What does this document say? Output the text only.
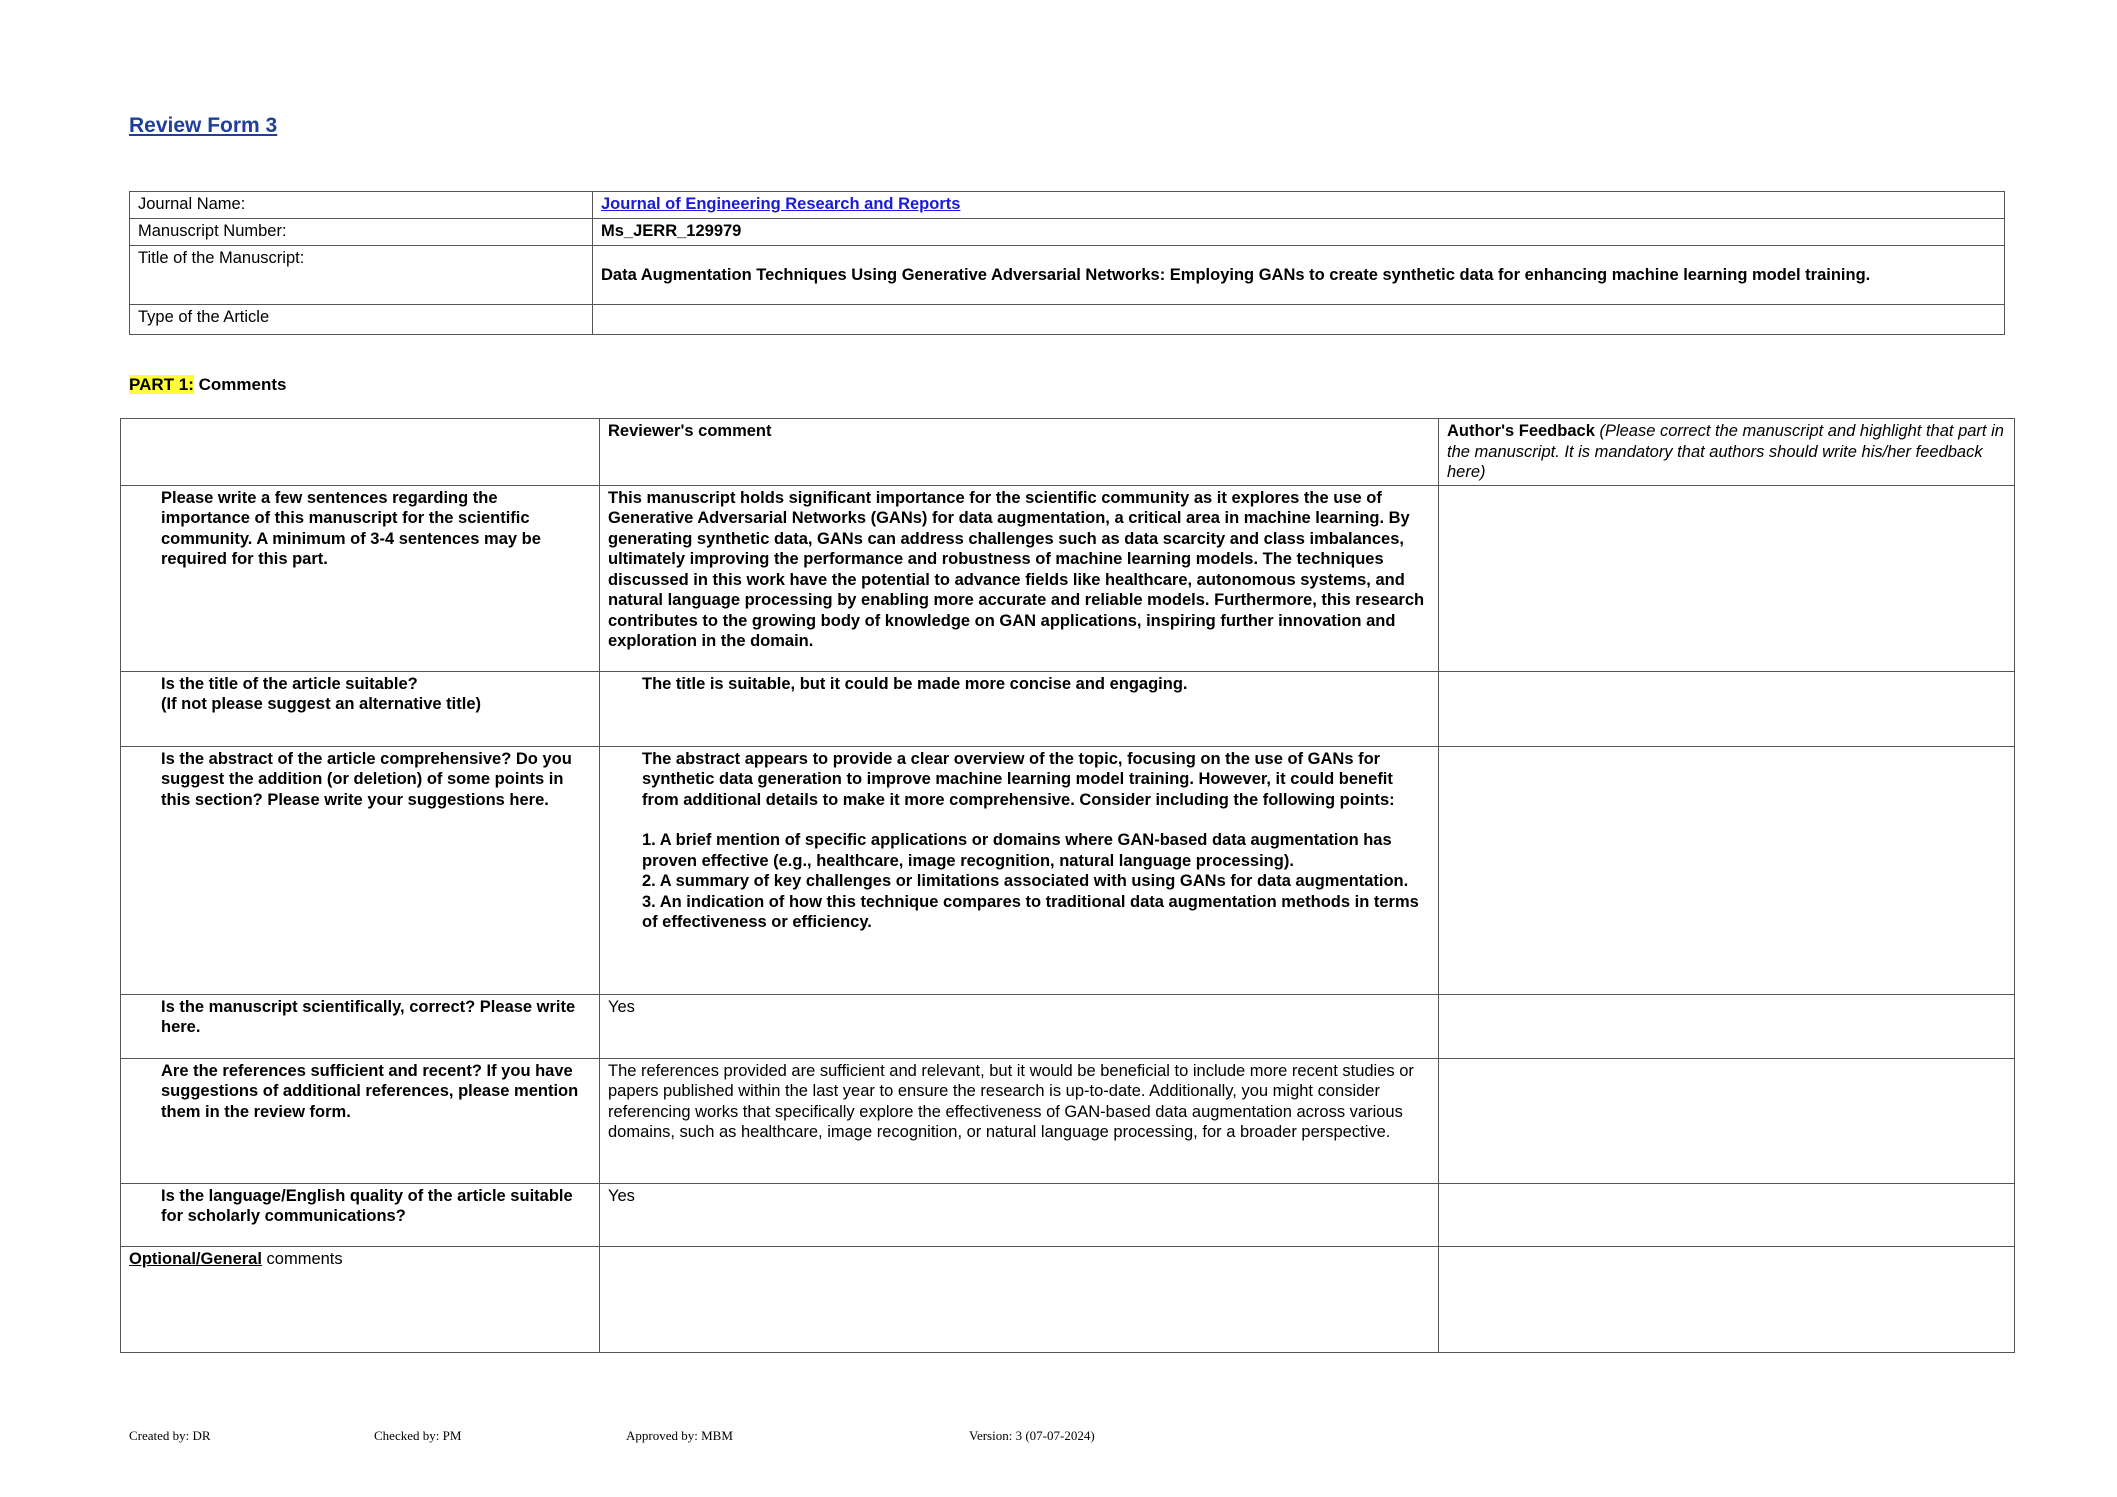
Review Form 3
Journal Name:	Journal of Engineering Research and Reports
Manuscript Number:	Ms_JERR_129979
Title of the Manuscript:	Data Augmentation Techniques Using Generative Adversarial Networks: Employing GANs to create synthetic data for enhancing machine learning model training.
Type of the Article	
PART 1: Comments
	Reviewer's comment	Author's Feedback (Please correct the manuscript and highlight that part in the manuscript. It is mandatory that authors should write his/her feedback here)
Please write a few sentences regarding the importance of this manuscript for the scientific community. A minimum of 3-4 sentences may be required for this part.	This manuscript holds significant importance for the scientific community as it explores the use of Generative Adversarial Networks (GANs) for data augmentation, a critical area in machine learning. By generating synthetic data, GANs can address challenges such as data scarcity and class imbalances, ultimately improving the performance and robustness of machine learning models. The techniques discussed in this work have the potential to advance fields like healthcare, autonomous systems, and natural language processing by enabling more accurate and reliable models. Furthermore, this research contributes to the growing body of knowledge on GAN applications, inspiring further innovation and exploration in the domain.	

Is the title of the article suitable?

(If not please suggest an alternative title)	The title is suitable, but it could be made more concise and engaging.	
Is the abstract of the article comprehensive? Do you suggest the addition (or deletion) of some points in this section? Please write your suggestions here.	The abstract appears to provide a clear overview of the topic, focusing on the use of GANs for synthetic data generation to improve machine learning model training. However, it could benefit from additional details to make it more comprehensive. Consider including the following points:

1. A brief mention of specific applications or domains where GAN-based data augmentation has proven effective (e.g., healthcare, image recognition, natural language processing).

2. A summary of key challenges or limitations associated with using GANs for data augmentation.

3. An indication of how this technique compares to traditional data augmentation methods in terms of effectiveness or efficiency.	

Is the manuscript scientifically, correct? Please write here.	Yes	
Are the references sufficient and recent? If you have suggestions of additional references, please mention them in the review form.	The references provided are sufficient and relevant, but it would be beneficial to include more recent studies or papers published within the last year to ensure the research is up-to-date. Additionally, you might consider referencing works that specifically explore the effectiveness of GAN-based data augmentation across various domains, such as healthcare, image recognition, or natural language processing, for a broader perspective.	
Is the language/English quality of the article suitable for scholarly communications?	Yes	
Optional/General comments		
Created by: DR	Checked by: PM	Approved by: MBM	Version: 3 (07-07-2024)
